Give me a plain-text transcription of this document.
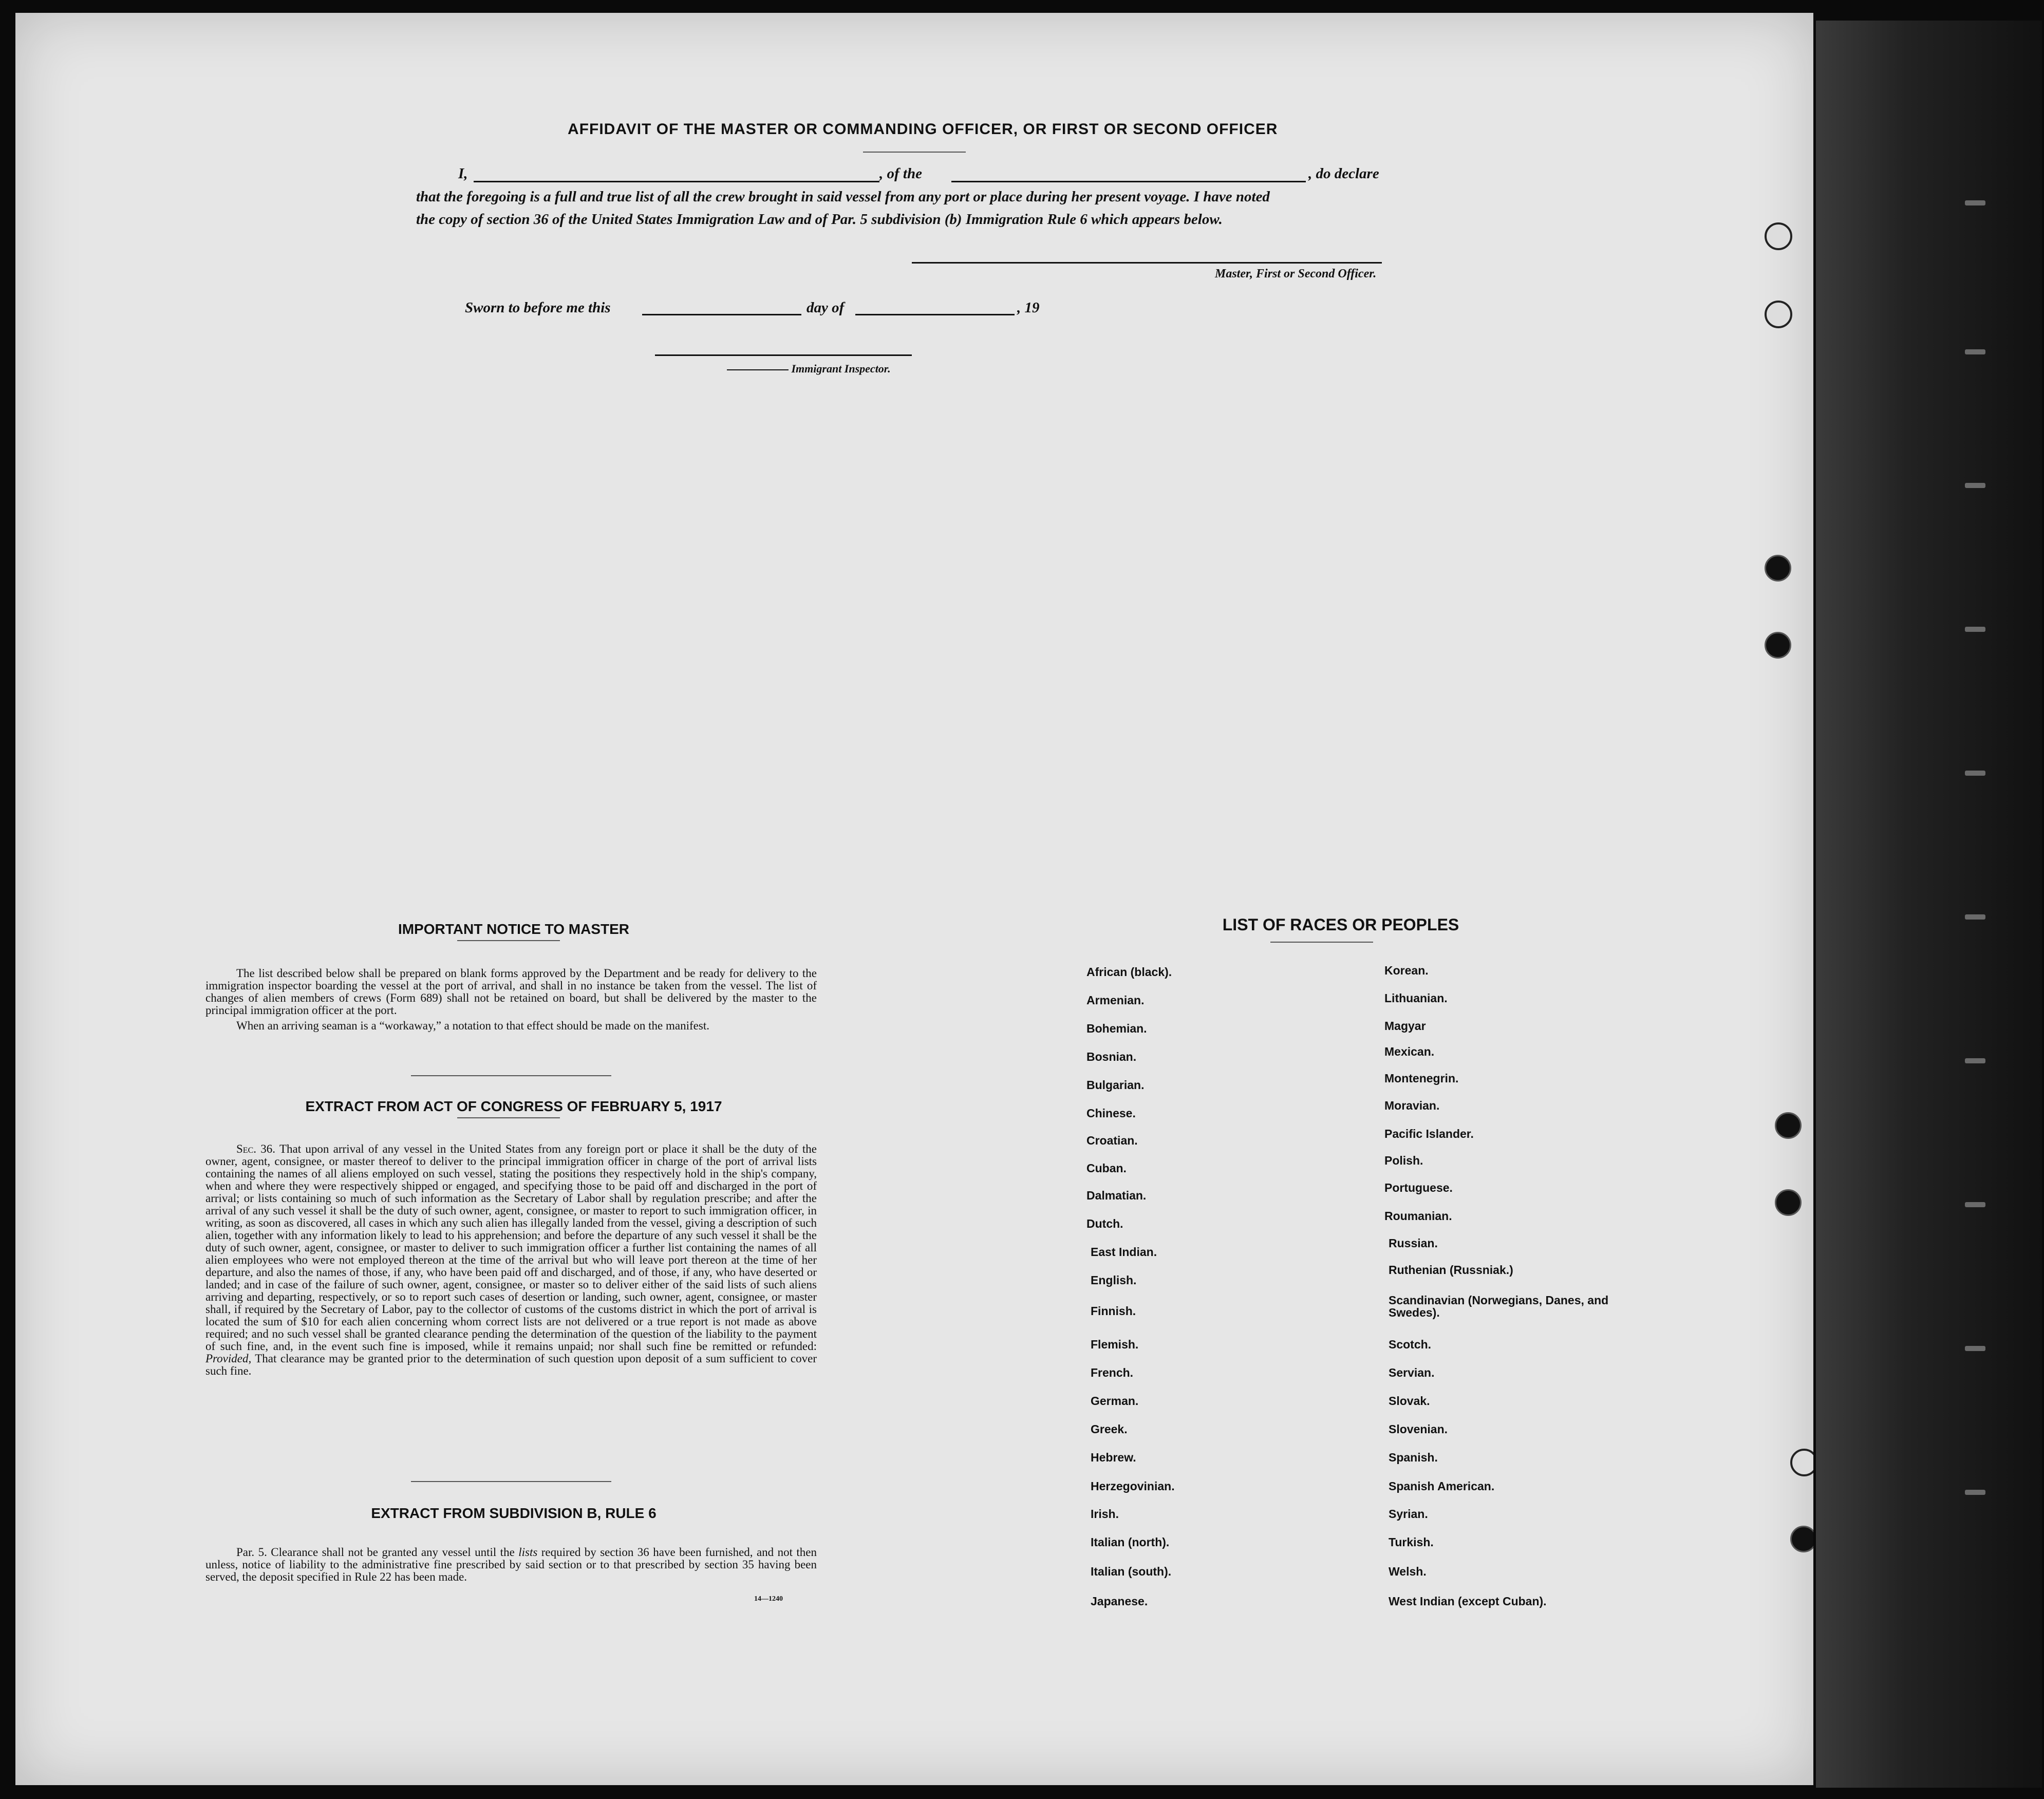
AFFIDAVIT OF THE MASTER OR COMMANDING OFFICER, OR FIRST OR SECOND OFFICER
I,	, of the	, do declare
that the foregoing is a full and true list of all the crew brought in said vessel from any port or place during her present voyage. I have noted
the copy of section 36 of the United States Immigration Law and of Par. 5 subdivision (b) Immigration Rule 6 which appears below.
Master, First or Second Officer.
Sworn to before me this	day of	, 19
Immigrant Inspector.
IMPORTANT NOTICE TO MASTER

The list described below shall be prepared on blank forms approved by the Department and be ready for delivery to the immigration inspector boarding the vessel at the port of arrival, and shall in no instance be taken from the vessel. The list of changes of alien members of crews (Form 689) shall not be retained on board, but shall be delivered by the master to the principal immigration officer at the port.

When an arriving seaman is a “workaway,” a notation to that effect should be made on the manifest.

EXTRACT FROM ACT OF CONGRESS OF FEBRUARY 5, 1917

Sec. 36. That upon arrival of any vessel in the United States from any foreign port or place it shall be the duty of the owner, agent, consignee, or master thereof to deliver to the principal immigration officer in charge of the port of arrival lists containing the names of all aliens employed on such vessel, stating the positions they respectively hold in the ship's company, when and where they were respectively shipped or engaged, and specifying those to be paid off and discharged in the port of arrival; or lists containing so much of such information as the Secretary of Labor shall by regulation prescribe; and after the arrival of any such vessel it shall be the duty of such owner, agent, consignee, or master to report to such immigration officer, in writing, as soon as discovered, all cases in which any such alien has illegally landed from the vessel, giving a description of such alien, together with any information likely to lead to his apprehension; and before the departure of any such vessel it shall be the duty of such owner, agent, consignee, or master to deliver to such immigration officer a further list containing the names of all alien employees who were not employed thereon at the time of the arrival but who will leave port thereon at the time of her departure, and also the names of those, if any, who have been paid off and discharged, and of those, if any, who have deserted or landed; and in case of the failure of such owner, agent, consignee, or master so to deliver either of the said lists of such aliens arriving and departing, respectively, or so to report such cases of desertion or landing, such owner, agent, consignee, or master shall, if required by the Secretary of Labor, pay to the collector of customs of the customs district in which the port of arrival is located the sum of $10 for each alien concerning whom correct lists are not delivered or a true report is not made as above required; and no such vessel shall be granted clearance pending the determination of the question of the liability to the payment of such fine, and, in the event such fine is imposed, while it remains unpaid; nor shall such fine be remitted or refunded: Provided, That clearance may be granted prior to the determination of such question upon deposit of a sum sufficient to cover such fine.

EXTRACT FROM SUBDIVISION B, RULE 6

Par. 5. Clearance shall not be granted any vessel until the lists required by section 36 have been furnished, and not then unless, notice of liability to the administrative fine prescribed by said section or to that prescribed by section 35 having been served, the deposit specified in Rule 22 has been made.

14—1240
LIST OF RACES OR PEOPLES
African (black).
Armenian.
Bohemian.
Bosnian.
Bulgarian.
Chinese.
Croatian.
Cuban.
Dalmatian.
Dutch.
East Indian.
English.
Finnish.
Flemish.
French.
German.
Greek.
Hebrew.
Herzegovinian.
Irish.
Italian (north).
Italian (south).
Japanese.
Korean.
Lithuanian.
Magyar
Mexican.
Montenegrin.
Moravian.
Pacific Islander.
Polish.
Portuguese.
Roumanian.
Russian.
Ruthenian (Russniak.)
Scandinavian (Norwegians, Danes, and Swedes).
Scotch.
Servian.
Slovak.
Slovenian.
Spanish.
Spanish American.
Syrian.
Turkish.
Welsh.
West Indian (except Cuban).
